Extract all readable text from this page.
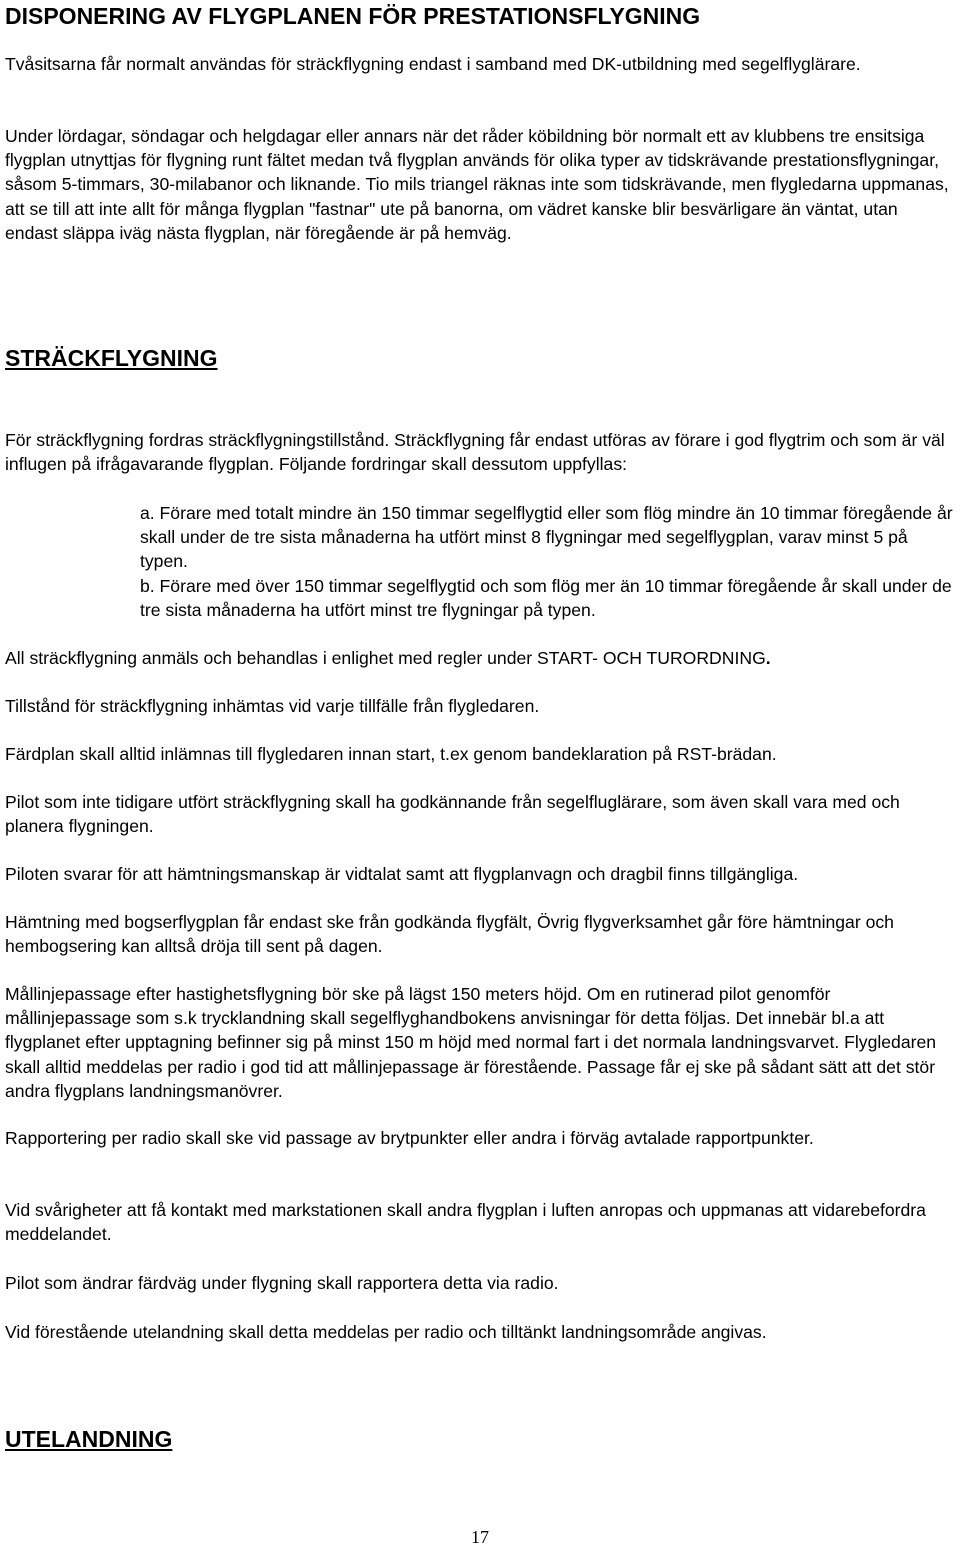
DISPONERING AV FLYGPLANEN FÖR PRESTATIONSFLYGNING

Tvåsitsarna får normalt användas för sträckflygning endast i samband med DK-utbildning med segelflyglärare.

Under lördagar, söndagar och helgdagar eller annars när det råder köbildning bör normalt ett av klubbens tre ensitsiga flygplan utnyttjas för flygning runt fältet medan två flygplan används för olika typer av tidskrävande prestationsflygningar, såsom 5-timmars, 30-milabanor och liknande. Tio mils triangel räknas inte som tidskrävande, men flygledarna uppmanas, att se till att inte allt för många flygplan "fastnar" ute på banorna, om vädret kanske blir besvärligare än väntat, utan endast släppa iväg nästa flygplan, när föregående är på hemväg.

STRÄCKFLYGNING

För sträckflygning fordras sträckflygningstillstånd. Sträckflygning får endast utföras av förare i god flygtrim och som är väl influgen på ifrågavarande flygplan. Följande fordringar skall dessutom uppfyllas:

a. Förare med totalt mindre än 150 timmar segelflygtid eller som flög mindre än 10 timmar föregående år skall under de tre sista månaderna ha utfört minst 8 flygningar med segelflygplan, varav minst 5 på typen.

b. Förare med över 150 timmar segelflygtid och som flög mer än 10 timmar föregående år skall under de tre sista månaderna ha utfört minst tre flygningar på typen.

All sträckflygning anmäls och behandlas i enlighet med regler under START- OCH TURORDNING.

Tillstånd för sträckflygning inhämtas vid varje tillfälle från flygledaren.

Färdplan skall alltid inlämnas till flygledaren innan start, t.ex genom bandeklaration på RST-brädan.

Pilot som inte tidigare utfört sträckflygning skall ha godkännande från segelfluglärare, som även skall vara med och planera flygningen.

Piloten svarar för att hämtningsmanskap är vidtalat samt att flygplanvagn och dragbil finns tillgängliga.

Hämtning med bogserflygplan får endast ske från godkända flygfält, Övrig flygverksamhet går före hämtningar och hembogsering kan alltså dröja till sent på dagen.

Mållinjepassage efter hastighetsflygning bör ske på lägst 150 meters höjd. Om en rutinerad pilot genomför mållinjepassage som s.k trycklandning skall segelflyghandbokens anvisningar för detta följas. Det innebär bl.a att flygplanet efter upptagning befinner sig på minst 150 m höjd med normal fart i det normala landningsvarvet. Flygledaren skall alltid meddelas per radio i god tid att mållinjepassage är förestående. Passage får ej ske på sådant sätt att det stör andra flygplans landningsmanövrer.

Rapportering per radio skall ske vid passage av brytpunkter eller andra i förväg avtalade rapportpunkter.

Vid svårigheter att få kontakt med markstationen skall andra flygplan i luften anropas och uppmanas att vidarebefordra meddelandet.

Pilot som ändrar färdväg under flygning skall rapportera detta via radio.

Vid förestående utelandning skall detta meddelas per radio och tilltänkt landningsområde angivas.

UTELANDNING
17
